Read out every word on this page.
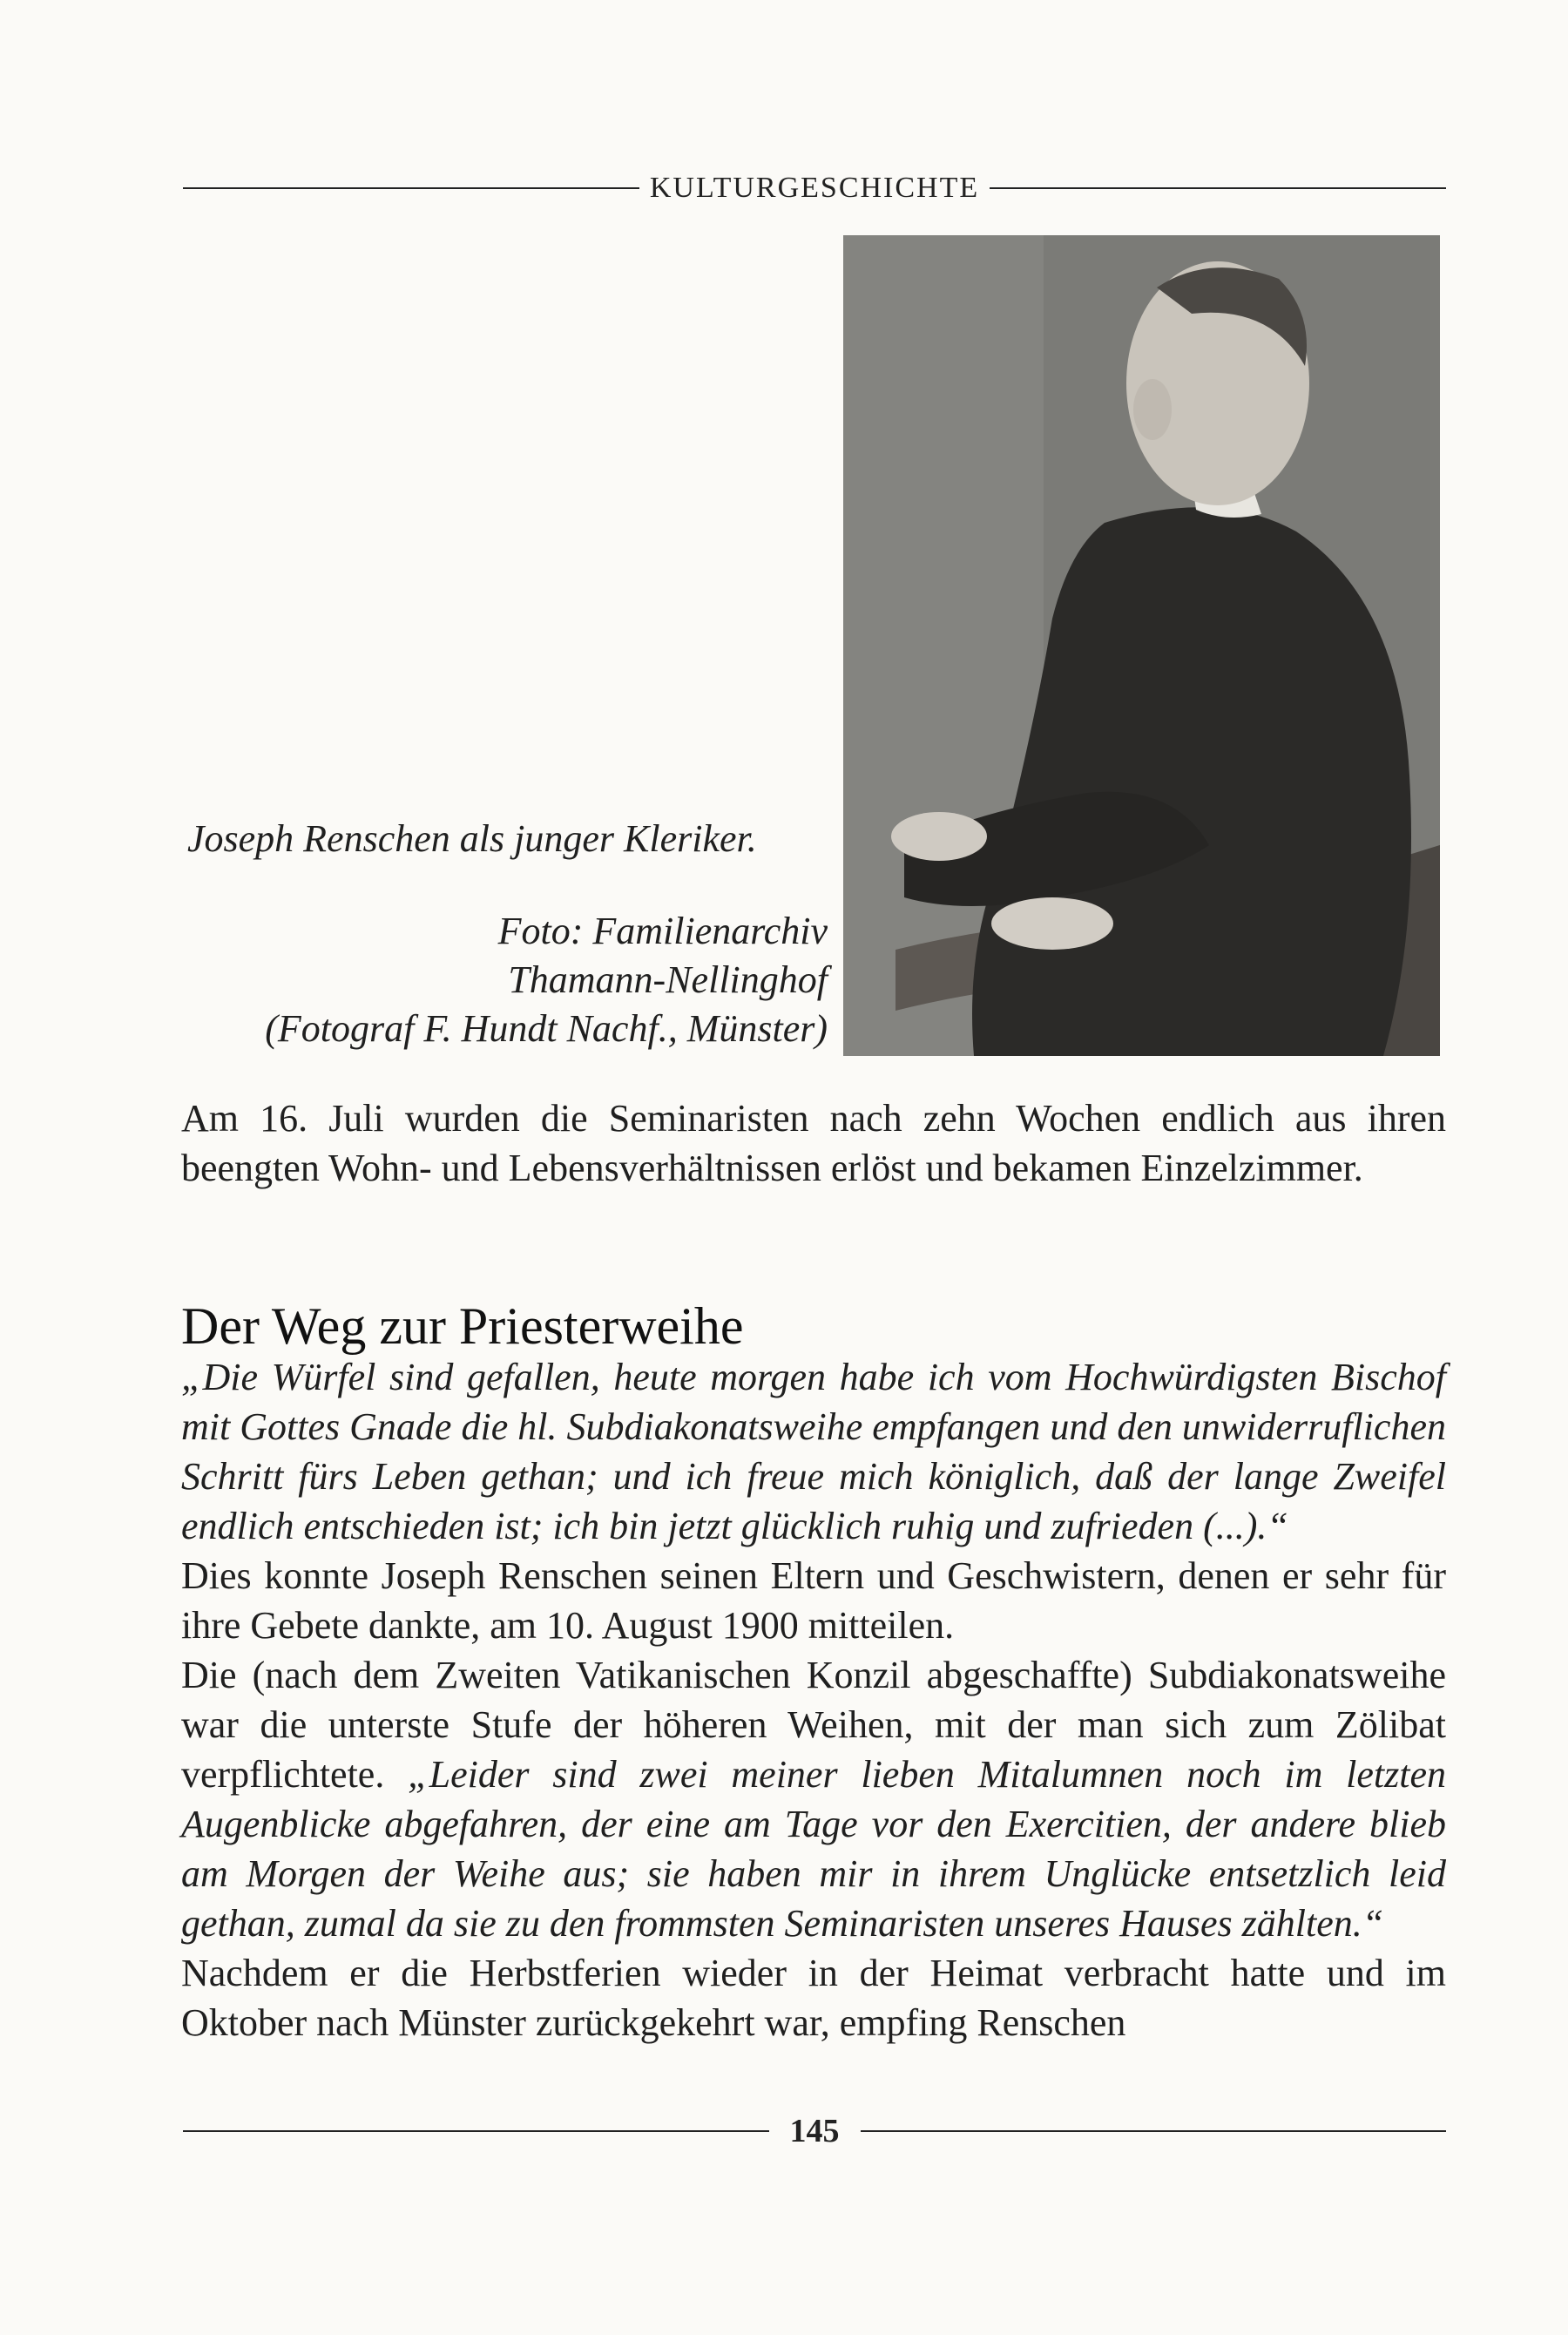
KULTURGESCHICHTE
Joseph Renschen als junger Kleriker.
Foto: Familienarchiv
Thamann-Nellinghof
(Fotograf F. Hundt Nachf., Münster)
Am 16. Juli wurden die Seminaristen nach zehn Wochen endlich aus ihren beengten Wohn- und Lebensverhältnissen erlöst und bekamen Einzelzimmer.
Der Weg zur Priesterweihe
„Die Würfel sind gefallen, heute morgen habe ich vom Hochwürdigsten Bischof mit Gottes Gnade die hl. Subdiakonatsweihe empfangen und den unwiderruflichen Schritt fürs Leben gethan; und ich freue mich königlich, daß der lange Zweifel endlich entschieden ist; ich bin jetzt glücklich ruhig und zufrieden (...).“
Dies konnte Joseph Renschen seinen Eltern und Geschwistern, denen er sehr für ihre Gebete dankte, am 10. August 1900 mitteilen.
Die (nach dem Zweiten Vatikanischen Konzil abgeschaffte) Subdiakonatsweihe war die unterste Stufe der höheren Weihen, mit der man sich zum Zölibat verpflichtete. „Leider sind zwei meiner lieben Mitalumnen noch im letzten Augenblicke abgefahren, der eine am Tage vor den Exercitien, der andere blieb am Morgen der Weihe aus; sie haben mir in ihrem Unglücke entsetzlich leid gethan, zumal da sie zu den frommsten Seminaristen unseres Hauses zählten.“
Nachdem er die Herbstferien wieder in der Heimat verbracht hatte und im Oktober nach Münster zurückgekehrt war, empfing Renschen
145
